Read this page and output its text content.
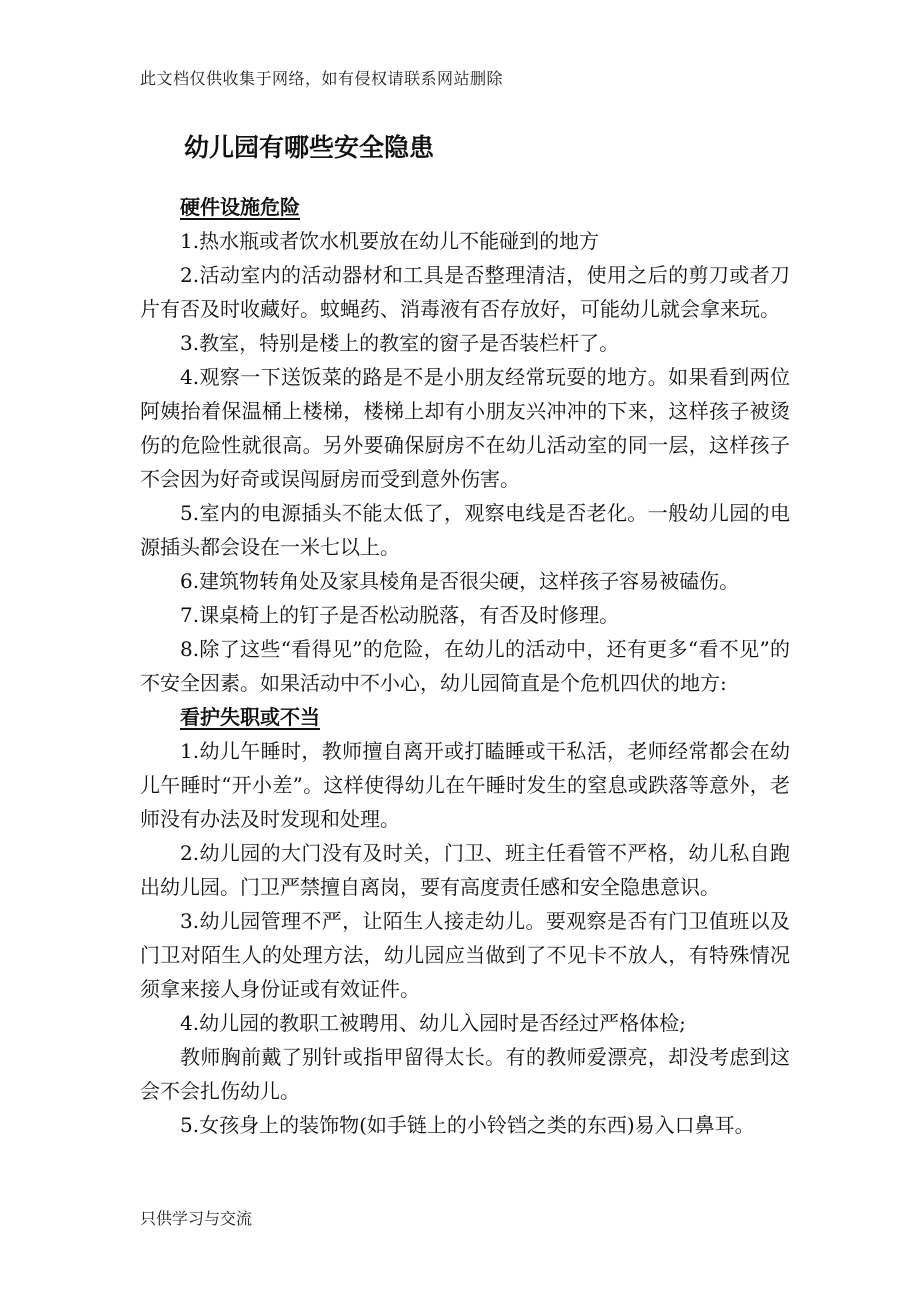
此文档仅供收集于网络，如有侵权请联系网站删除
幼儿园有哪些安全隐患

硬件设施危险

1.热水瓶或者饮水机要放在幼儿不能碰到的地方

2.活动室内的活动器材和工具是否整理清洁，使用之后的剪刀或者刀片有否及时收藏好。蚊蝇药、消毒液有否存放好，可能幼儿就会拿来玩。

3.教室，特别是楼上的教室的窗子是否装栏杆了。

4.观察一下送饭菜的路是不是小朋友经常玩耍的地方。如果看到两位阿姨抬着保温桶上楼梯，楼梯上却有小朋友兴冲冲的下来，这样孩子被烫伤的危险性就很高。另外要确保厨房不在幼儿活动室的同一层，这样孩子不会因为好奇或误闯厨房而受到意外伤害。

5.室内的电源插头不能太低了，观察电线是否老化。一般幼儿园的电源插头都会设在一米七以上。

6.建筑物转角处及家具棱角是否很尖硬，这样孩子容易被磕伤。

7.课桌椅上的钉子是否松动脱落，有否及时修理。

8.除了这些“看得见”的危险，在幼儿的活动中，还有更多“看不见”的不安全因素。如果活动中不小心，幼儿园简直是个危机四伏的地方:

看护失职或不当

1.幼儿午睡时，教师擅自离开或打瞌睡或干私活，老师经常都会在幼儿午睡时“开小差”。这样使得幼儿在午睡时发生的窒息或跌落等意外，老师没有办法及时发现和处理。

2.幼儿园的大门没有及时关，门卫、班主任看管不严格，幼儿私自跑出幼儿园。门卫严禁擅自离岗，要有高度责任感和安全隐患意识。

3.幼儿园管理不严，让陌生人接走幼儿。要观察是否有门卫值班以及门卫对陌生人的处理方法，幼儿园应当做到了不见卡不放人，有特殊情况须拿来接人身份证或有效证件。

4.幼儿园的教职工被聘用、幼儿入园时是否经过严格体检;

教师胸前戴了别针或指甲留得太长。有的教师爱漂亮，却没考虑到这会不会扎伤幼儿。

5.女孩身上的装饰物(如手链上的小铃铛之类的东西)易入口鼻耳。

只供学习与交流
